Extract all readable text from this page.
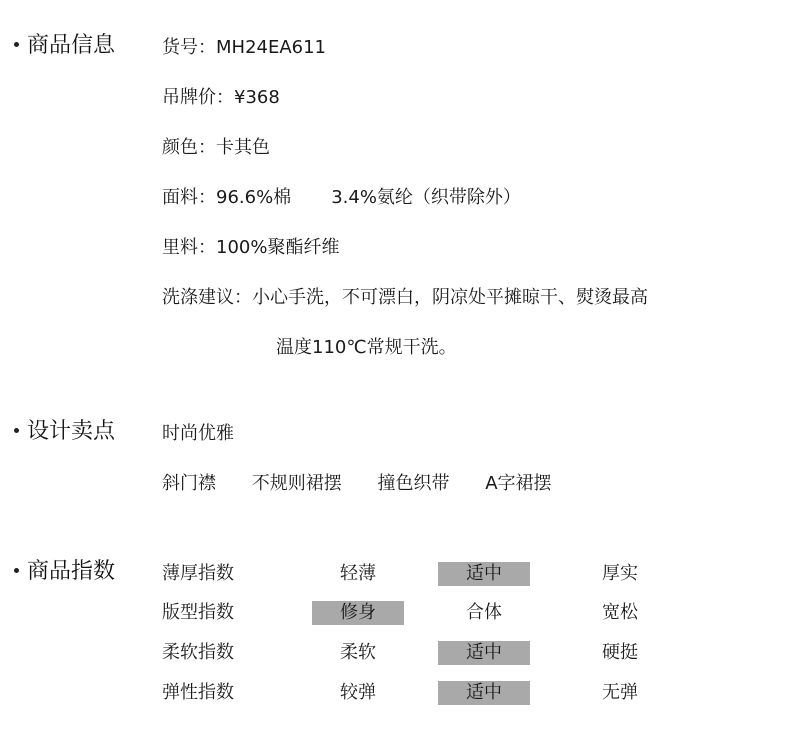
商品信息	货号：MH24EA611
吊牌价：¥368
颜色：卡其色
面料：96.6%棉 3.4%氨纶（织带除外）
里料：100%聚酯纤维
洗涤建议：小心手洗，不可漂白，阴凉处平摊晾干、熨烫最高
温度110℃常规干洗。
设计卖点	时尚优雅
斜门襟 不规则裙摆 撞色织带 A字裙摆
商品指数	薄厚指数	轻薄	适中	厚实
版型指数	修身	合体	宽松
柔软指数	柔软	适中	硬挺
弹性指数	较弹	适中	无弹
